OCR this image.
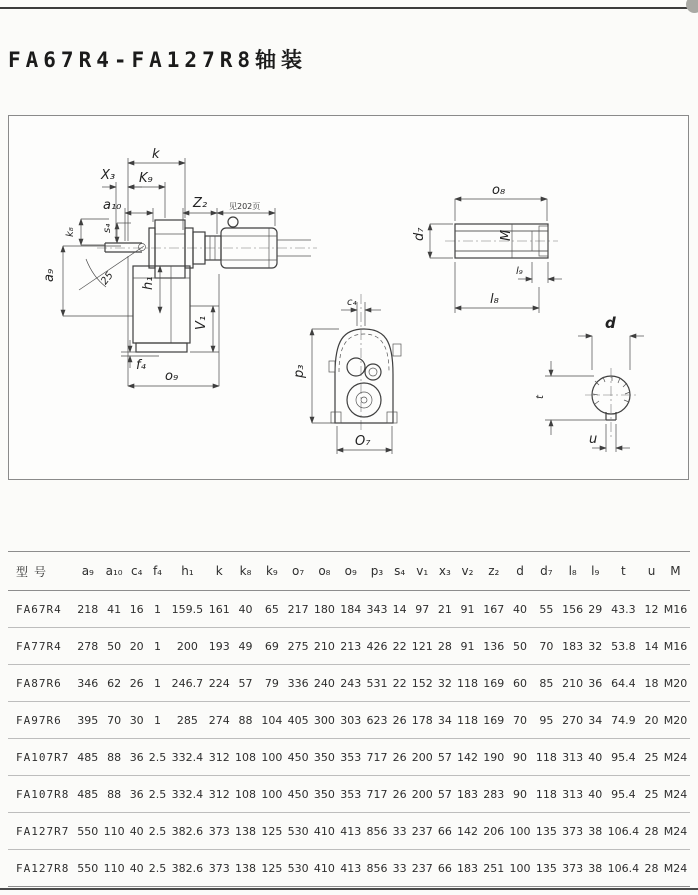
FA67R4-FA127R8轴装
k
X₃ K₉
a₁₀	Z₂	见202页
k₈	s₄
a₉	25 h₁
V₁
f₄
o₉
c₄
p₃
O₇
M
o₈
d₇
l₉
l₈
d
t
u
型号	a₉	a₁₀	c₄	f₄	h₁	k	k₈	k₉	o₇	o₈	o₉	p₃	s₄	v₁	x₃	v₂	z₂	d	d₇	l₈	l₉	t	u	M
FA67R4	218	41	16	1	159.5	161	40	65	217	180	184	343	14	97	21	91	167	40	55	156	29	43.3	12	M16
FA77R4	278	50	20	1	200	193	49	69	275	210	213	426	22	121	28	91	136	50	70	183	32	53.8	14	M16
FA87R6	346	62	26	1	246.7	224	57	79	336	240	243	531	22	152	32	118	169	60	85	210	36	64.4	18	M20
FA97R6	395	70	30	1	285	274	88	104	405	300	303	623	26	178	34	118	169	70	95	270	34	74.9	20	M20
FA107R7	485	88	36	2.5	332.4	312	108	100	450	350	353	717	26	200	57	142	190	90	118	313	40	95.4	25	M24
FA107R8	485	88	36	2.5	332.4	312	108	100	450	350	353	717	26	200	57	183	283	90	118	313	40	95.4	25	M24
FA127R7	550	110	40	2.5	382.6	373	138	125	530	410	413	856	33	237	66	142	206	100	135	373	38	106.4	28	M24
FA127R8	550	110	40	2.5	382.6	373	138	125	530	410	413	856	33	237	66	183	251	100	135	373	38	106.4	28	M24
